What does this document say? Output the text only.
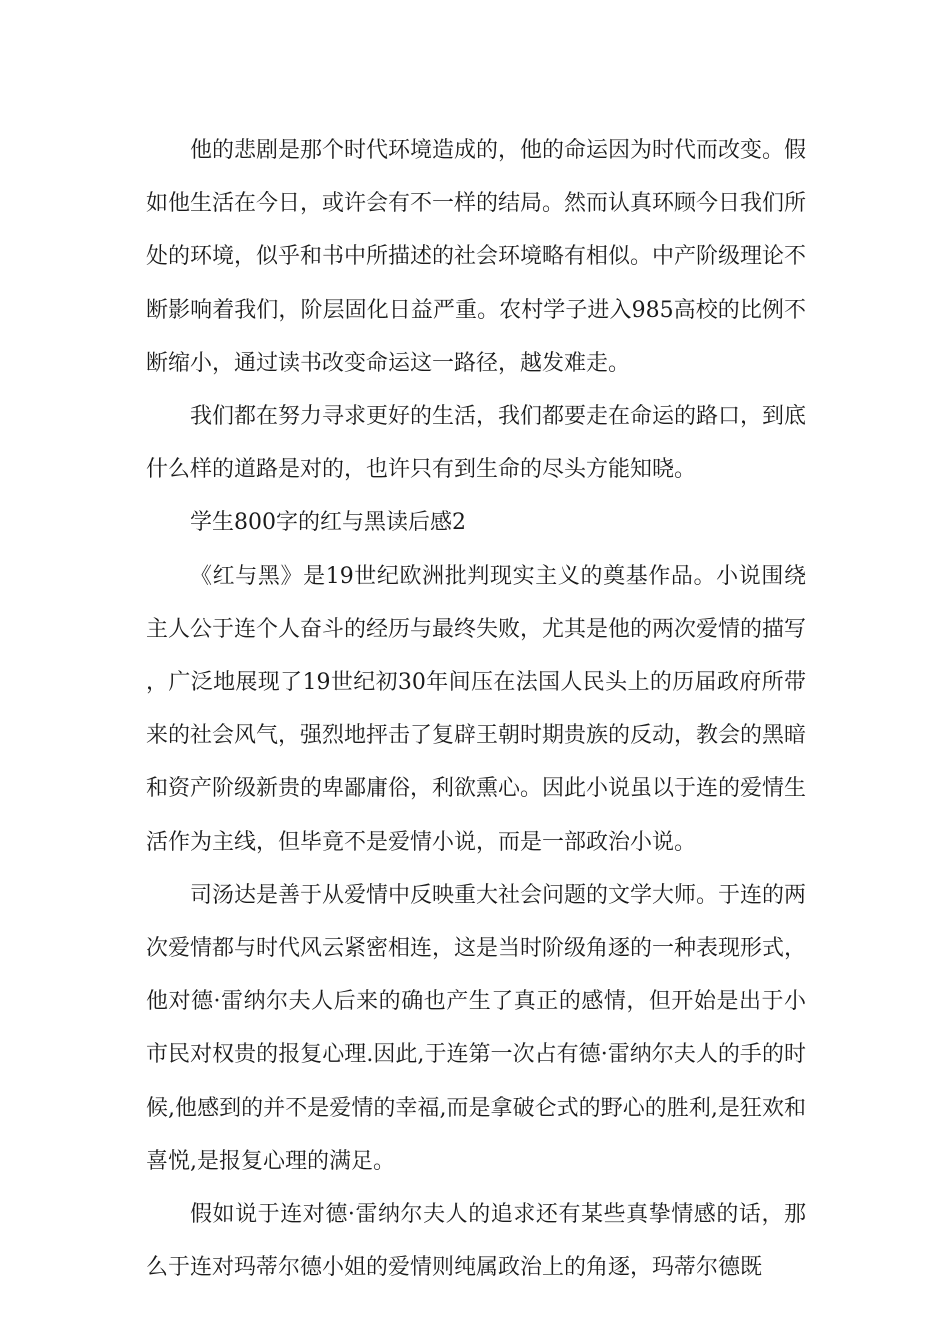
他的悲剧是那个时代环境造成的，他的命运因为时代而改变。假如他生活在今日，或许会有不一样的结局。然而认真环顾今日我们所处的环境，似乎和书中所描述的社会环境略有相似。中产阶级理论不断影响着我们，阶层固化日益严重。农村学子进入985高校的比例不断缩小，通过读书改变命运这一路径，越发难走。

我们都在努力寻求更好的生活，我们都要走在命运的路口，到底什么样的道路是对的，也许只有到生命的尽头方能知晓。

学生800字的红与黑读后感2

《红与黑》是19世纪欧洲批判现实主义的奠基作品。小说围绕主人公于连个人奋斗的经历与最终失败，尤其是他的两次爱情的描写，广泛地展现了19世纪初30年间压在法国人民头上的历届政府所带来的社会风气，强烈地抨击了复辟王朝时期贵族的反动，教会的黑暗和资产阶级新贵的卑鄙庸俗，利欲熏心。因此小说虽以于连的爱情生活作为主线，但毕竟不是爱情小说，而是一部政治小说。

司汤达是善于从爱情中反映重大社会问题的文学大师。于连的两次爱情都与时代风云紧密相连，这是当时阶级角逐的一种表现形式，他对德·雷纳尔夫人后来的确也产生了真正的感情，但开始是出于小市民对权贵的报复心理.因此,于连第一次占有德·雷纳尔夫人的手的时候,他感到的并不是爱情的幸福,而是拿破仑式的野心的胜利,是狂欢和喜悦,是报复心理的满足。

假如说于连对德·雷纳尔夫人的追求还有某些真挚情感的话，那么于连对玛蒂尔德小姐的爱情则纯属政治上的角逐，玛蒂尔德既
